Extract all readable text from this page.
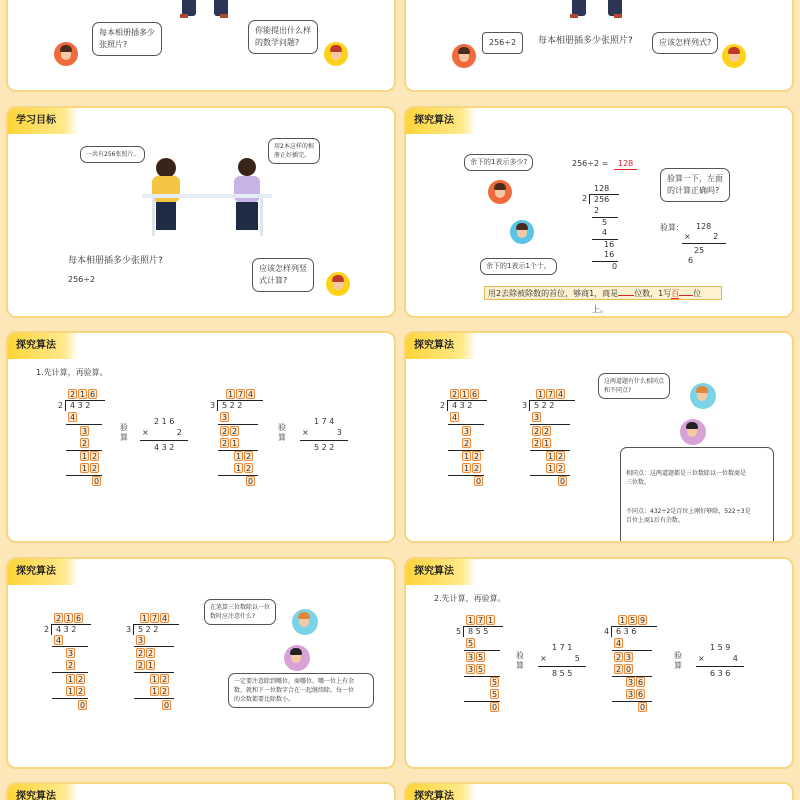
每本相册插多少
张照片?
你能提出什么样
的数学问题?	256÷2	每本相册插多少张照片?	应该怎样列式?
学习目标
一共有256张照片。
用2本这样的相
册正好插完。
每本相册插多少张照片?
256÷2
应该怎样列竖
式计算?
探究算法
余下的1表示多少?
余下的1表示1个十。
256÷2 =	128
128
2 256
2
5
4
16
16
0
验算一下，左面
的计算正确吗?
验算: 128
×	2
25
6
用2去除被除数的首位，够商1，商是 位数，1写百 位
上。
探究算法
1.先计算，再验算。
2 1 6
2 4 3 2
4
3
2
1 2
1 2
0
验
算
2 1 6
×	2
4 3 2
1 7 4
3 5 2 2
3
2 2
2 1
1 2
1 2
0
验
算
1 7 4
×	3
5 2 2
探究算法
2 1 6
2 4 3 2
4
3
2
1 2
1 2
0
1 7 4
3 5 2 2
3
2 2
2 1
1 2
1 2
0
这两道题有什么相同点
和不同点?

相同点：这两道题都是三位数除以一位数商是
三位数。

不同点：432÷2是百位上刚好够除，522÷3是
百位上商1后有余数。

探究算法
2 1 6
2 4 3 2
4
3
2
1 2
1 2
0
1 7 4
3 5 2 2
3
2 2
2 1
1 2
1 2
0
在笔算三位数除以一位
数时应注意什么?
一定要注意除到哪位，商哪位。哪一位上有余
数，就和下一位数字合在一起继续除。每一位
的余数都要比除数小。
探究算法
2.先计算，再验算。
1 7 1
5 8 5 5
5
3 5
3 5
5
5
0
验
算
1 7 1
×	5
8 5 5
1 5 9
4 6 3 6
4
2 3
2 0
3 6
3 6
0
验
算
1 5 9
×	4
6 3 6
探究算法	探究算法
